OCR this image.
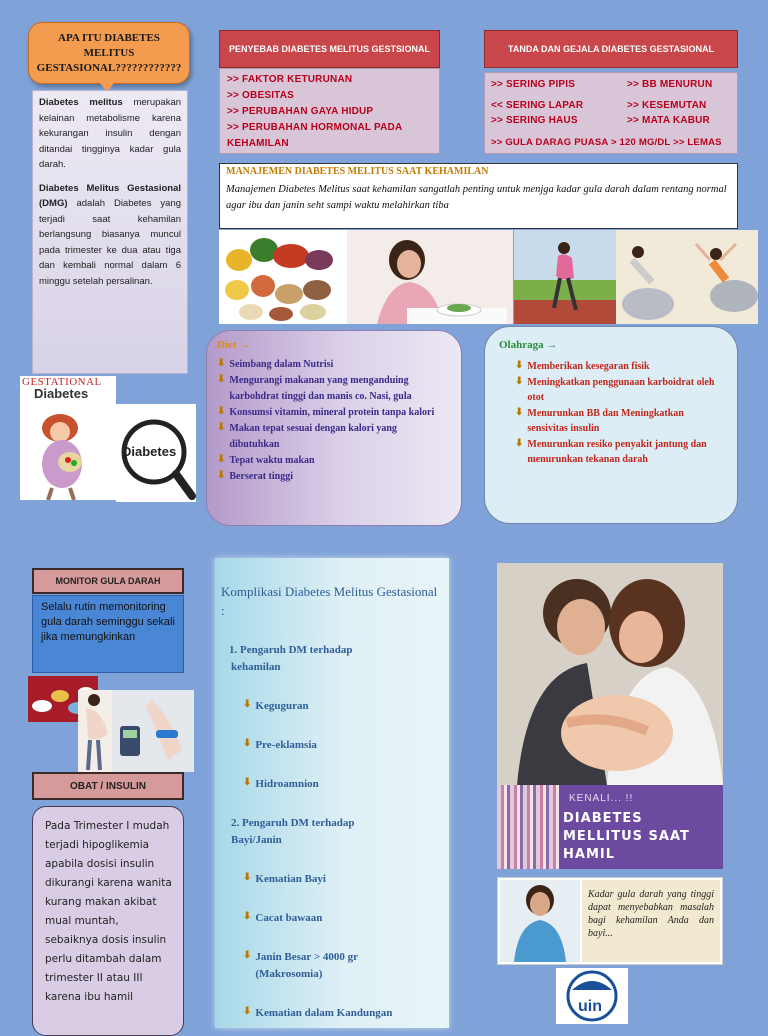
APA ITU DIABETES MELITUS GESTASIONAL????????????

Diabetes melitus merupakan kelainan metabolisme karena kekurangan insulin dengan ditandai tingginya kadar gula darah.

Diabetes Melitus Gestasional (DMG) adalah Diabetes yang terjadi saat kehamilan berlangsung biasanya muncul pada trimester ke dua atau tiga dan kembali normal dalam 6 minggu setelah persalinan.

PENYEBAB DIABETES MELITUS GESTSIONAL
>> FAKTOR KETURUNAN
>> OBESITAS
>> PERUBAHAN GAYA HIDUP
>> PERUBAHAN HORMONAL PADA KEHAMILAN
TANDA DAN GEJALA DIABETES GESTASIONAL
>> SERING PIPIS	>> BB MENURUN
<< SERING LAPAR	>> KESEMUTAN
>> SERING HAUS	>> MATA KABUR
>> GULA DARAG PUASA > 120 MG/DL >> LEMAS
MANAJEMEN DIABETES MELITUS SAAT KEHAMILAN
Manajemen Diabetes Melitus saat kehamilan sangatlah penting untuk menjga kadar gula darah dalam rentang normal agar ibu dan janin seht sampi waktu melahirkan tiba
GESTATIONAL
Diabetes
Diabetes
Diet →
⬇ Seimbang dalam Nutrisi
⬇ Mengurangi makanan yang menganduing karbohdrat tinggi dan manis co. Nasi, gula
⬇ Konsumsi vitamin, mineral protein tanpa kalori
⬇ Makan tepat sesuai dengan kalori yang dibutuhkan
⬇ Tepat waktu makan
⬇ Berserat tinggi
Olahraga →
⬇ Memberikan kesegaran fisik
⬇ Meningkatkan penggunaan karboidrat oleh otot
⬇ Menurunkan BB dan Meningkatkan sensivitas insulin
⬇ Menurunkan resiko penyakit jantung dan menurunkan tekanan darah
MONITOR GULA DARAH
Selalu rutin memonitoring gula darah seminggu sekali jika memungkinkan
OBAT / INSULIN
Pada Trimester I mudah terjadi hipoglikemia apabila dosisi insulin dikurangi karena wanita kurang makan akibat mual muntah, sebaiknya dosis insulin perlu ditambah dalam trimester II atau III karena ibu hamil
Komplikasi Diabetes Melitus Gestasional :
1. Pengaruh DM terhadap kehamilan
⬇ Keguguran
⬇ Pre-eklamsia
⬇ Hidroamnion
2. Pengaruh DM terhadap Bayi/Janin
⬇ Kematian Bayi
⬇ Cacat bawaan
⬇ Janin Besar > 4000 gr (Makrosomia)
⬇ Kematian dalam Kandungan
KENALI... !!
DIABETES
MELLITUS SAAT
HAMIL
Kadar gula darah yang tinggi dapat menyebabkan masalah bagi kehamilan Anda dan bayi...
uin
